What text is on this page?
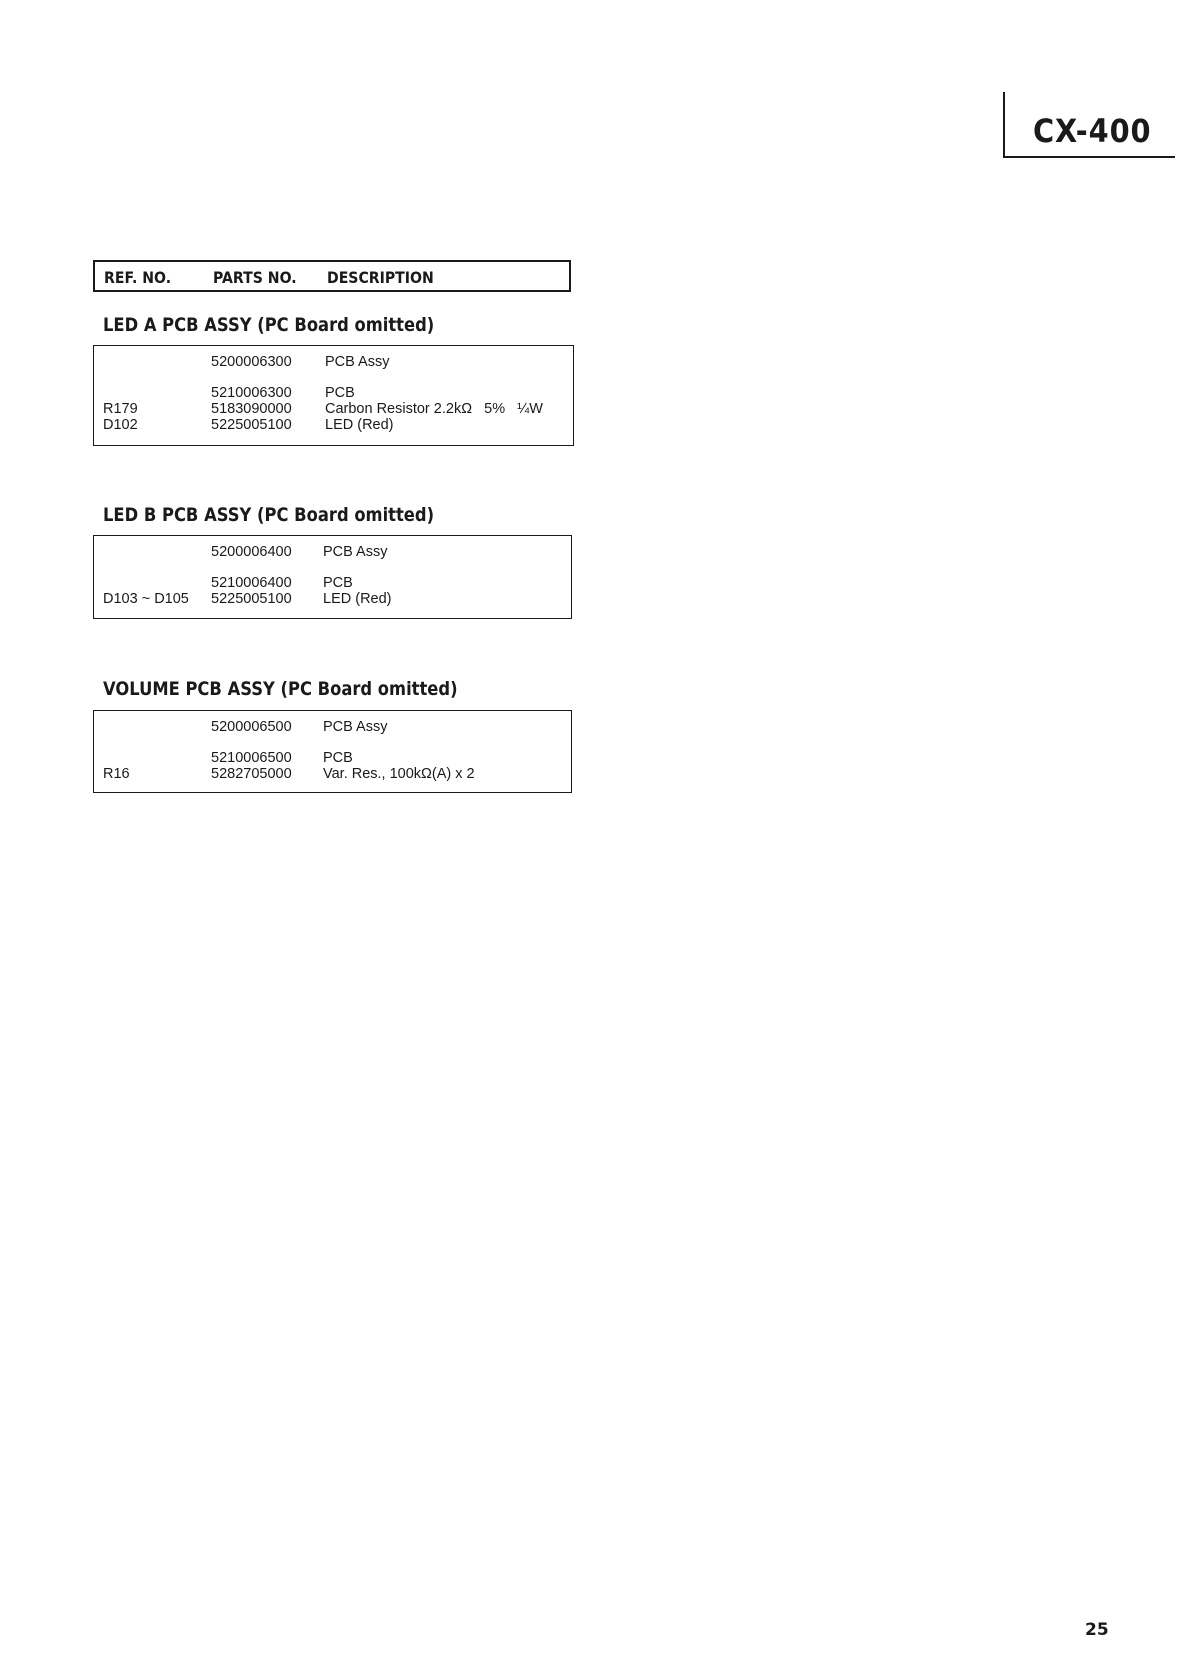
CX-400
REF. NO.	PARTS NO. DESCRIPTION
LED A PCB ASSY (PC Board omitted)
5200006300 PCB Assy
5210006300 PCB
R179	5183090000 Carbon Resistor 2.2kΩ   5%   ¼W
D102	5225005100 LED (Red)
LED B PCB ASSY (PC Board omitted)
5200006400 PCB Assy
5210006400 PCB
D103 ~ D105 5225005100 LED (Red)
VOLUME PCB ASSY (PC Board omitted)
5200006500 PCB Assy
5210006500 PCB
R16	5282705000 Var. Res., 100kΩ(A) x 2
25
